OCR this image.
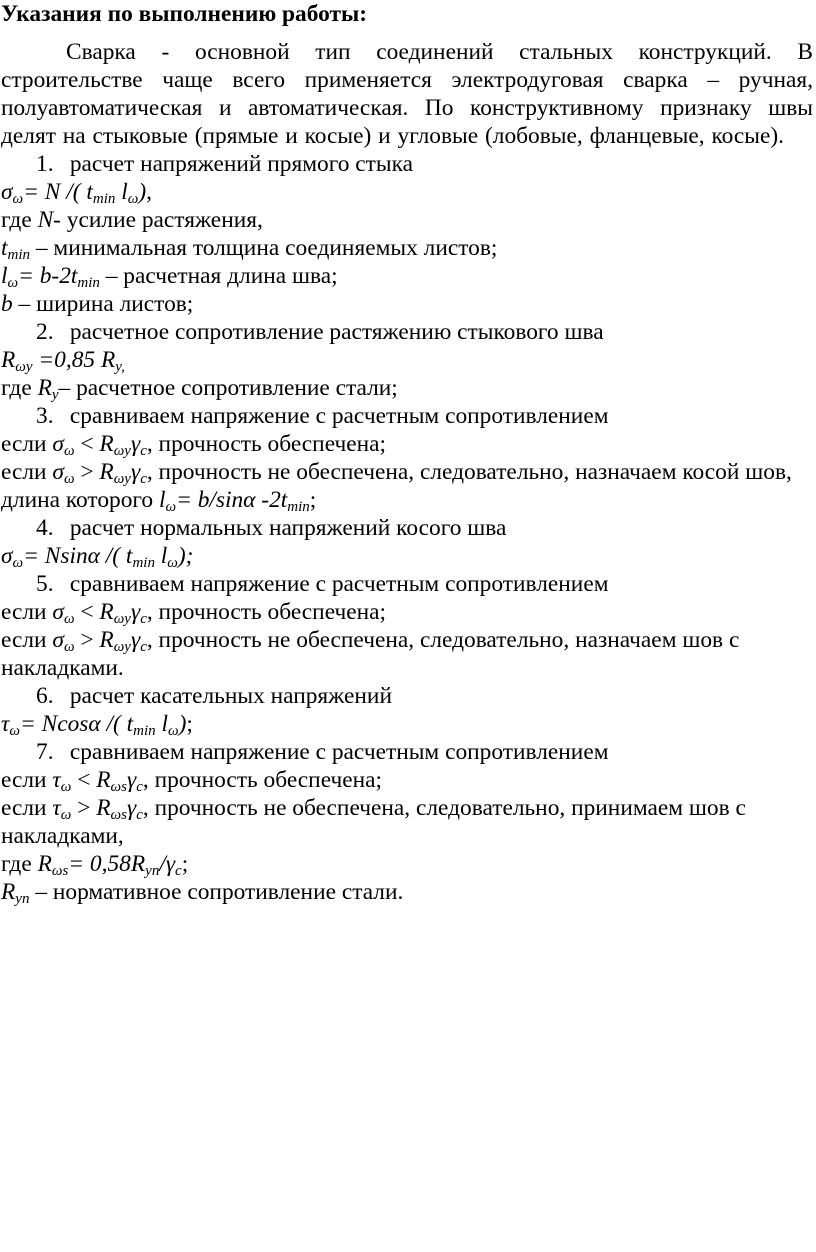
Указания по выполнению работы:

Сварка - основной тип соединений стальных конструкций. В строительстве чаще всего применяется электродуговая сварка – ручная, полуавтоматическая и автоматическая. По конструктивному признаку швы делят на стыковые (прямые и косые) и угловые (лобовые, фланцевые, косые).

1. расчет напряжений прямого стыка

$\sigma_\omega= N$ /( $t_{min}$ $l_\omega$),

где N- усилие растяжения,

$t_{min}$ – минимальная толщина соединяемых листов;

$l_\omega= b-2t_{min}$ – расчетная длина шва;

b – ширина листов;

2. расчетное сопротивление растяжению стыкового шва

$R_{\omega y} =0,85$ $R_{y,}$

где $R_y-$ расчетное сопротивление стали;

3. сравниваем напряжение с расчетным сопротивлением

если $\sigma_\omega < R_{\omega y}\gamma_c$, прочность обеспечена;

если $\sigma_\omega > R_{\omega y}\gamma_c$, прочность не обеспечена, следовательно, назначаем косой шов,

длина которого $l_\omega= b/\sin\alpha$ $-2t_{min}$;

4. расчет нормальных напряжений косого шва

$\sigma_\omega= Nsin\alpha$ /( $t_{min}$ $l_\omega$);

5. сравниваем напряжение с расчетным сопротивлением

если $\sigma_\omega < R_{\omega y}\gamma_c$, прочность обеспечена;

если $\sigma_\omega > R_{\omega y}\gamma_c$, прочность не обеспечена, следовательно, назначаем шов с накладками.

6. расчет касательных напряжений

$\tau_\omega= Ncos\alpha$ /( $t_{min}$ $l_\omega$);

7. сравниваем напряжение с расчетным сопротивлением

если $\tau_\omega < R_{\omega s}\gamma_c$, прочность обеспечена;

если $\tau_\omega > R_{\omega s}\gamma_c$, прочность не обеспечена, следовательно, принимаем шов с накладками,

где $R_{\omega s}= 0,58R_{yn}/\gamma_c$;

$R_{yn}$ – нормативное сопротивление стали.
